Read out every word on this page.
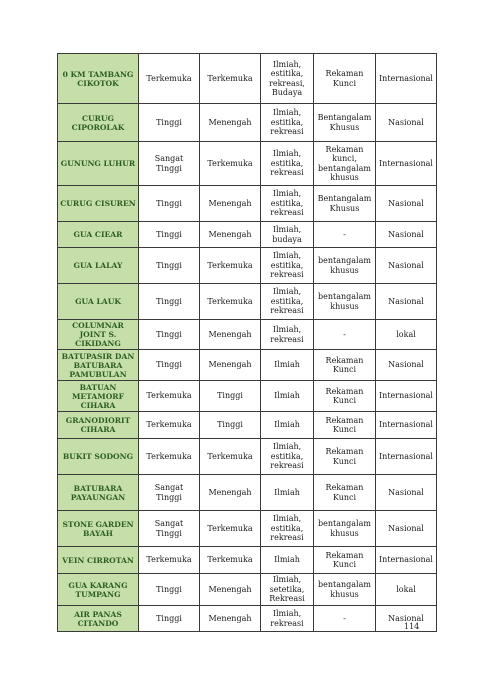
0 KM TAMBANG CIKOTOK	Terkemuka	Terkemuka	Ilmiah, estitika, rekreasi, Budaya	Rekaman Kunci	Internasional
CURUG CIPOROLAK	Tinggi	Menengah	Ilmiah, estitika, rekreasi	Bentangalam Khusus	Nasional
GUNUNG LUHUR	Sangat Tinggi	Terkemuka	Ilmiah, estitika, rekreasi	Rekaman kunci, bentangalam khusus	Internasional
CURUG CISUREN	Tinggi	Menengah	Ilmiah, estitika, rekreasi	Bentangalam Khusus	Nasional
GUA CIEAR	Tinggi	Menengah	Ilmiah, budaya	-	Nasional
GUA LALAY	Tinggi	Terkemuka	Ilmiah, estitika, rekreasi	bentangalam khusus	Nasional
GUA LAUK	Tinggi	Terkemuka	Ilmiah, estitika, rekreasi	bentangalam khusus	Nasional
COLUMNAR JOINT S. CIKIDANG	Tinggi	Menengah	Ilmiah, rekreasi	-	lokal
BATUPASIR DAN BATUBARA PAMUBULAN	Tinggi	Menengah	Ilmiah	Rekaman Kunci	Nasional
BATUAN METAMORF CIHARA	Terkemuka	Tinggi	Ilmiah	Rekaman Kunci	Internasional
GRANODIORIT CIHARA	Terkemuka	Tinggi	Ilmiah	Rekaman Kunci	Internasional
BUKIT SODONG	Terkemuka	Terkemuka	Ilmiah, estitika, rekreasi	Rekaman Kunci	Internasional
BATUBARA PAYAUNGAN	Sangat Tinggi	Menengah	Ilmiah	Rekaman Kunci	Nasional
STONE GARDEN BAYAH	Sangat Tinggi	Terkemuka	Ilmiah, estitika, rekreasi	bentangalam khusus	Nasional
VEIN CIRROTAN	Terkemuka	Terkemuka	Ilmiah	Rekaman Kunci	Internasional
GUA KARANG TUMPANG	Tinggi	Menengah	Ilmiah, setetika, Rekreasi	bentangalam khusus	lokal
AIR PANAS CITANDO	Tinggi	Menengah	Ilmiah, rekreasi	-	Nasional
114
